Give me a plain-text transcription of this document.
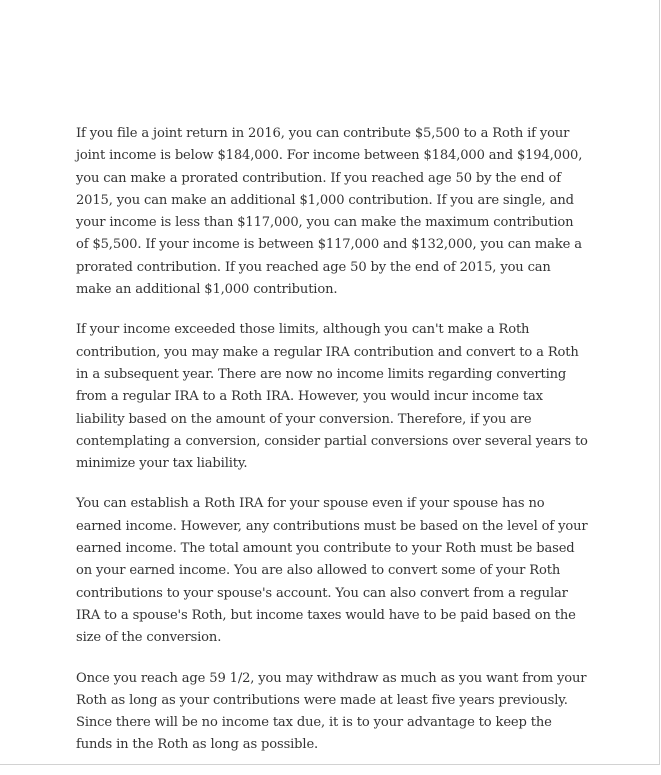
If you file a joint return in 2016, you can contribute $5,500 to a Roth if your joint income is below $184,000. For income between $184,000 and $194,000, you can make a prorated contribution. If you reached age 50 by the end of 2015, you can make an additional $1,000 contribution. If you are single, and your income is less than $117,000, you can make the maximum contribution of $5,500. If your income is between $117,000 and $132,000, you can make a prorated contribution. If you reached age 50 by the end of 2015, you can make an additional $1,000 contribution.

If your income exceeded those limits, although you can't make a Roth contribution, you may make a regular IRA contribution and convert to a Roth in a subsequent year. There are now no income limits regarding converting from a regular IRA to a Roth IRA. However, you would incur income tax liability based on the amount of your conversion. Therefore, if you are contemplating a conversion, consider partial conversions over several years to minimize your tax liability.

You can establish a Roth IRA for your spouse even if your spouse has no earned income. However, any contributions must be based on the level of your earned income. The total amount you contribute to your Roth must be based on your earned income. You are also allowed to convert some of your Roth contributions to your spouse's account. You can also convert from a regular IRA to a spouse's Roth, but income taxes would have to be paid based on the size of the conversion.

Once you reach age 59 1/2, you may withdraw as much as you want from your Roth as long as your contributions were made at least five years previously. Since there will be no income tax due, it is to your advantage to keep the funds in the Roth as long as possible.
